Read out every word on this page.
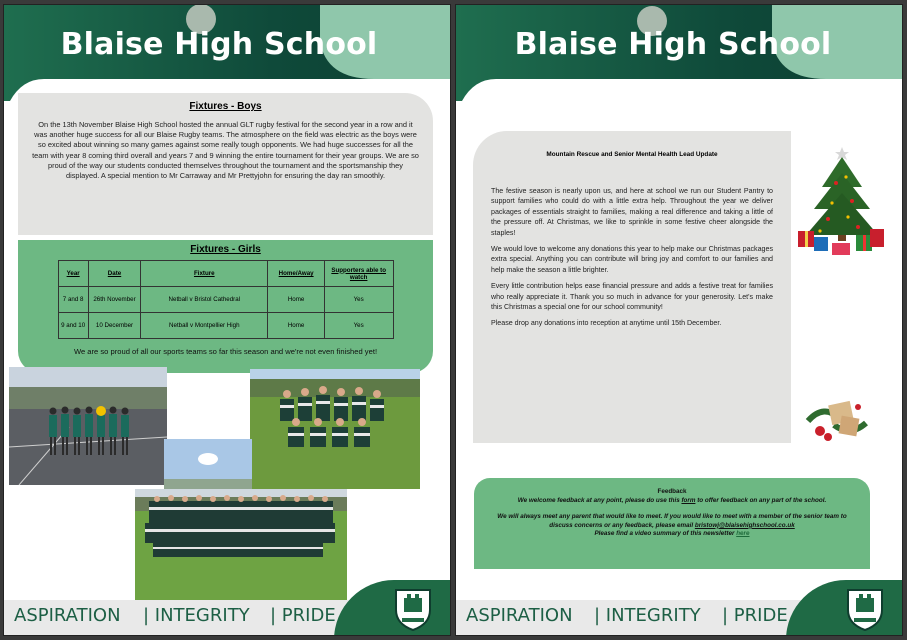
Blaise High School
Fixtures - Boys
On the 13th November Blaise High School hosted the annual GLT rugby festival for the second year in a row and it was another huge success for all our Blaise Rugby teams. The atmosphere on the field was electric as the boys were so excited about winning so many games against some really tough opponents. We had huge successes for all the team with year 8 coming third overall and years 7 and 9 winning the entire tournament for their year groups. We are so proud of the way our students conducted themselves throughout the tournament and the sportsmanship they displayed. A special mention to Mr Carraway and Mr Prettyjohn for ensuring the day ran smoothly.
Fixtures - Girls
Year	Date	Fixture	Home/Away	Supporters able to watch
7 and 8	26th November	Netball v Bristol Cathedral	Home	Yes
9 and 10	10 December	Netball v Montpellier High	Home	Yes
We are so proud of all our sports teams so far this season and we're not even finished yet!
ASPIRATION | INTEGRITY | PRIDE
Blaise High School
Mountain Rescue and Senior Mental Health Lead Update

The festive season is nearly upon us, and here at school we run our Student Pantry to support families who could do with a little extra help. Throughout the year we deliver packages of essentials straight to families, making a real difference and taking a little of the pressure off. At Christmas, we like to sprinkle in some festive cheer alongside the staples!

We would love to welcome any donations this year to help make our Christmas packages extra special. Anything you can contribute will bring joy and comfort to our families and help make the season a little brighter.

Every little contribution helps ease financial pressure and adds a festive treat for families who really appreciate it. Thank you so much in advance for your generosity. Let's make this Christmas a special one for our school community!

Please drop any donations into reception at anytime until 15th December.

Feedback
We welcome feedback at any point, please do use this form to offer feedback on any part of the school.
We will always meet any parent that would like to meet. If you would like to meet with a member of the senior team to discuss concerns or any feedback, please email bristowj@blaisehighschool.co.uk
Please find a video summary of this newsletter here
ASPIRATION | INTEGRITY | PRIDE
